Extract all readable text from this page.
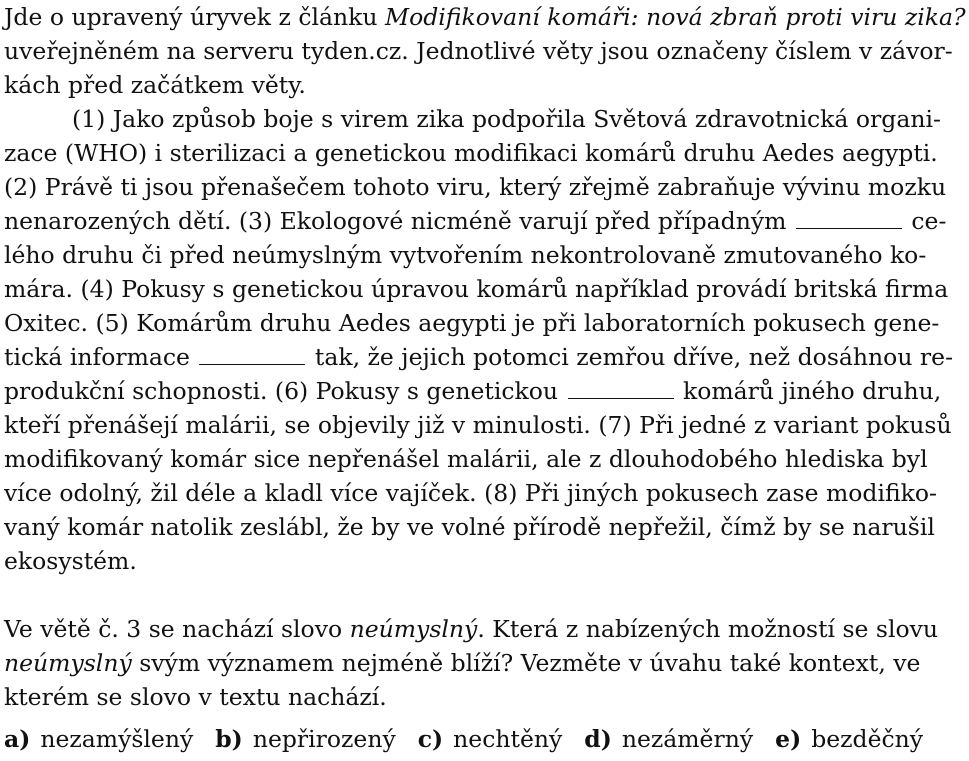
Jde o upravený úryvek z článku Modifikovaní komáři: nová zbraň proti viru zika?
uveřejněném na serveru tyden.cz. Jednotlivé věty jsou označeny číslem v závor-
kách před začátkem věty.
(1) Jako způsob boje s virem zika podpořila Světová zdravotnická organi-
zace (WHO) i sterilizaci a genetickou modifikaci komárů druhu Aedes aegypti.
(2) Právě ti jsou přenašečem tohoto viru, který zřejmě zabraňuje vývinu mozku
nenarozených dětí. (3) Ekologové nicméně varují před případným	ce-
lého druhu či před neúmyslným vytvořením nekontrolovaně zmutovaného ko-
mára. (4) Pokusy s genetickou úpravou komárů například provádí britská firma
Oxitec. (5) Komárům druhu Aedes aegypti je při laboratorních pokusech gene-
tická informace	tak, že jejich potomci zemřou dříve, než dosáhnou re-
produkční schopnosti. (6) Pokusy s genetickou	komárů jiného druhu,
kteří přenášejí malárii, se objevily již v minulosti. (7) Při jedné z variant pokusů
modifikovaný komár sice nepřenášel malárii, ale z dlouhodobého hlediska byl
více odolný, žil déle a kladl více vajíček. (8) Při jiných pokusech zase modifiko-
vaný komár natolik zeslábl, že by ve volné přírodě nepřežil, čímž by se narušil
ekosystém.
Ve větě č. 3 se nachází slovo neúmyslný. Která z nabízených možností se slovu
neúmyslný svým významem nejméně blíží? Vezměte v úvahu také kontext, ve
kterém se slovo v textu nachází.
a) nezamýšlený b) nepřirozený c) nechtěný d) nezáměrný e) bezděčný
